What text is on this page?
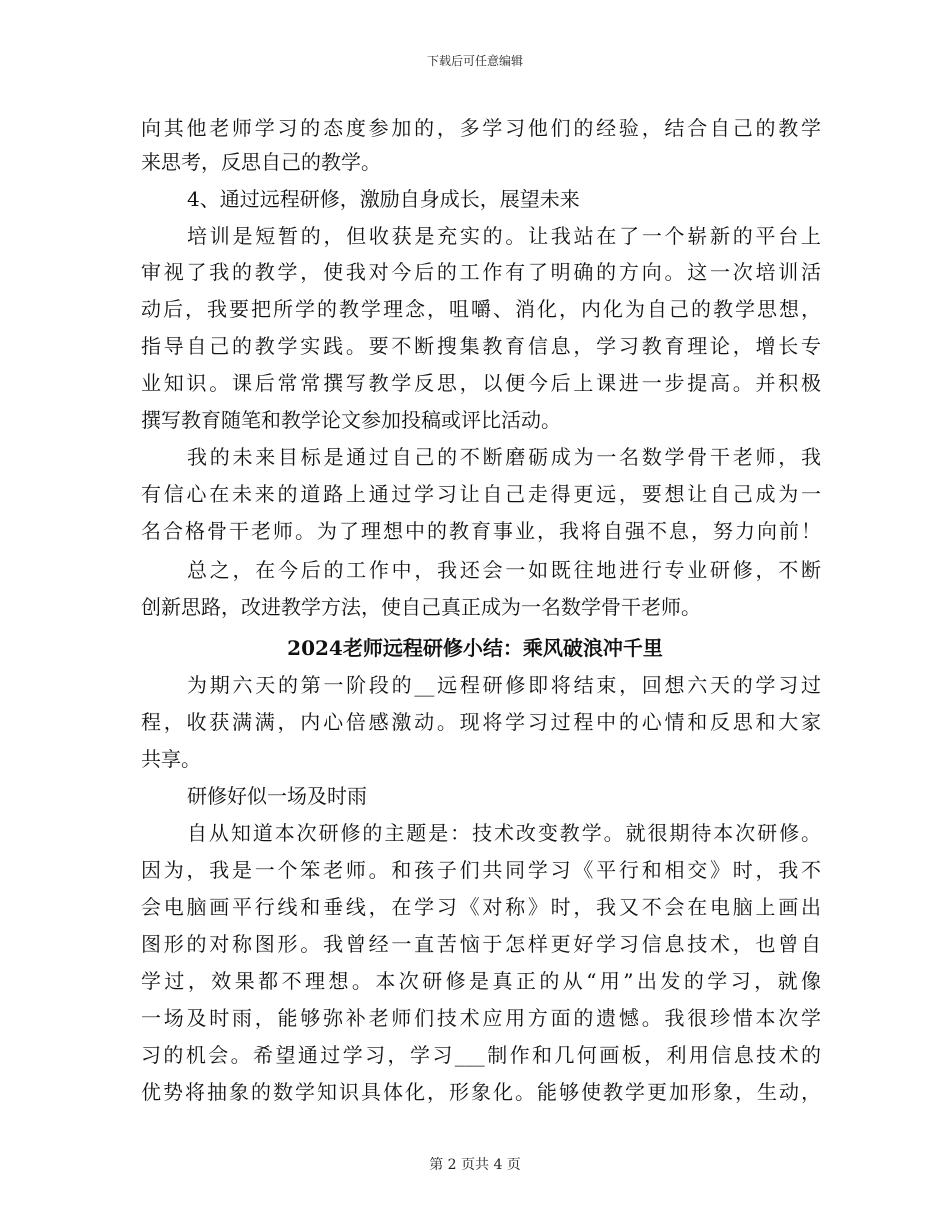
下载后可任意编辑
向其他老师学习的态度参加的，多学习他们的经验，结合自己的教学
来思考，反思自己的教学。
4、通过远程研修，激励自身成长，展望未来
培训是短暂的，但收获是充实的。让我站在了一个崭新的平台上
审视了我的教学，使我对今后的工作有了明确的方向。这一次培训活
动后，我要把所学的教学理念，咀嚼、消化，内化为自己的教学思想，
指导自己的教学实践。要不断搜集教育信息，学习教育理论，增长专
业知识。课后常常撰写教学反思，以便今后上课进一步提高。并积极
撰写教育随笔和教学论文参加投稿或评比活动。
我的未来目标是通过自己的不断磨砺成为一名数学骨干老师，我
有信心在未来的道路上通过学习让自己走得更远，要想让自己成为一
名合格骨干老师。为了理想中的教育事业，我将自强不息，努力向前！
总之，在今后的工作中，我还会一如既往地进行专业研修，不断
创新思路，改进教学方法，使自己真正成为一名数学骨干老师。
2024老师远程研修小结：乘风破浪冲千里
为期六天的第一阶段的__远程研修即将结束，回想六天的学习过
程，收获满满，内心倍感激动。现将学习过程中的心情和反思和大家
共享。
研修好似一场及时雨
自从知道本次研修的主题是：技术改变教学。就很期待本次研修。
因为，我是一个笨老师。和孩子们共同学习《平行和相交》时，我不
会电脑画平行线和垂线，在学习《对称》时，我又不会在电脑上画出
图形的对称图形。我曾经一直苦恼于怎样更好学习信息技术，也曾自
学过，效果都不理想。本次研修是真正的从“用”出发的学习，就像
一场及时雨，能够弥补老师们技术应用方面的遗憾。我很珍惜本次学
习的机会。希望通过学习，学习___制作和几何画板，利用信息技术的
优势将抽象的数学知识具体化，形象化。能够使教学更加形象，生动，
第 2 页共 4 页
